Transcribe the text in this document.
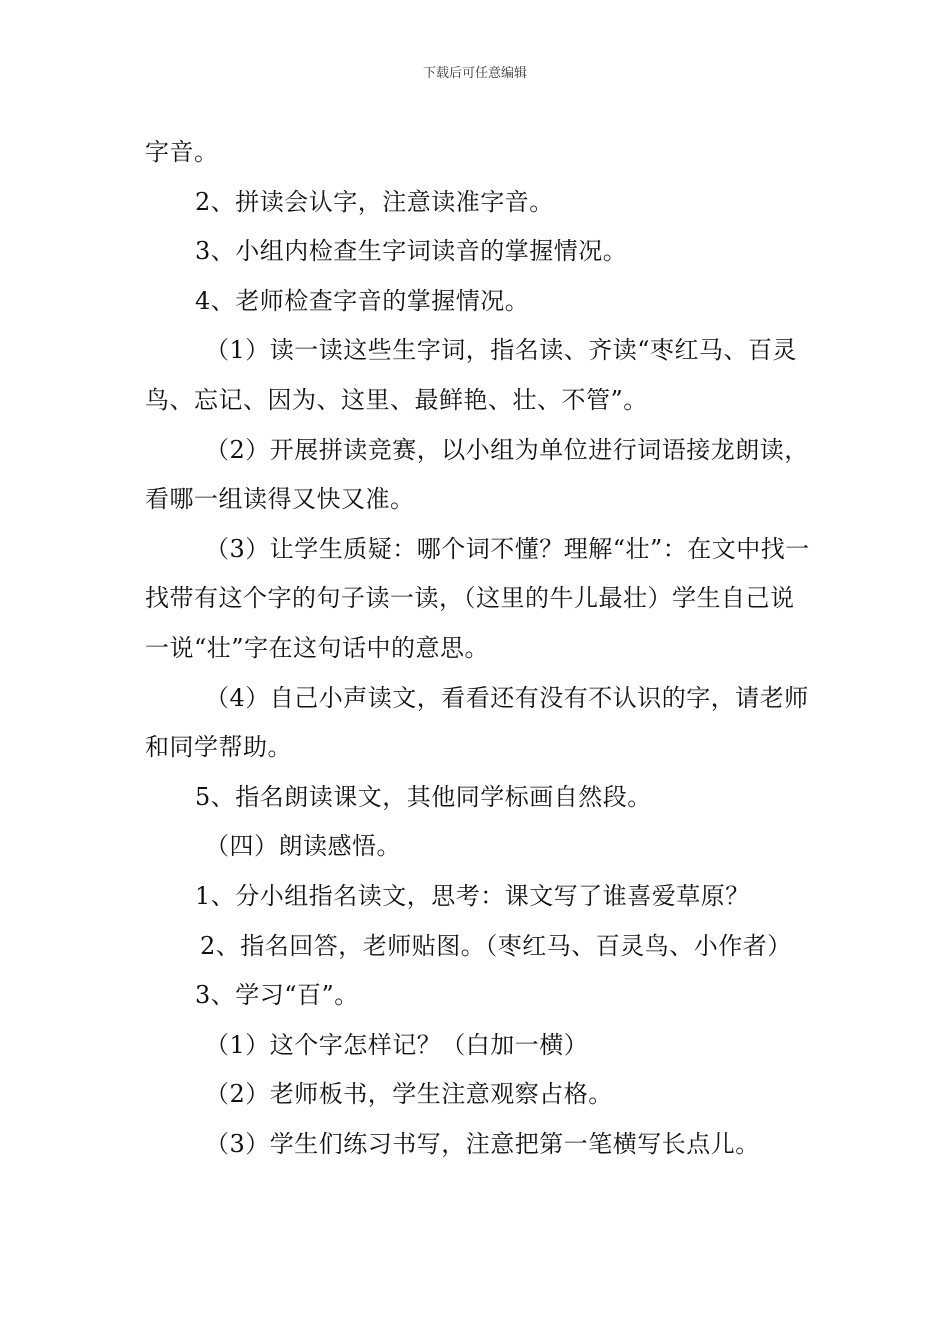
下载后可任意编辑

字音。

2、拼读会认字，注意读准字音。

3、小组内检查生字词读音的掌握情况。

4、老师检查字音的掌握情况。

（1）读一读这些生字词，指名读、齐读“枣红马、百灵鸟、忘记、因为、这里、最鲜艳、壮、不管”。

（2）开展拼读竞赛，以小组为单位进行词语接龙朗读，看哪一组读得又快又准。

（3）让学生质疑：哪个词不懂？理解“壮”：在文中找一找带有这个字的句子读一读，（这里的牛儿最壮）学生自己说一说“壮”字在这句话中的意思。

（4）自己小声读文，看看还有没有不认识的字，请老师和同学帮助。

5、指名朗读课文，其他同学标画自然段。

（四）朗读感悟。

1、分小组指名读文，思考：课文写了谁喜爱草原？

2、指名回答，老师贴图。（枣红马、百灵鸟、小作者）

3、学习“百”。

（1）这个字怎样记？（白加一横）

（2）老师板书，学生注意观察占格。

（3）学生们练习书写，注意把第一笔横写长点儿。
